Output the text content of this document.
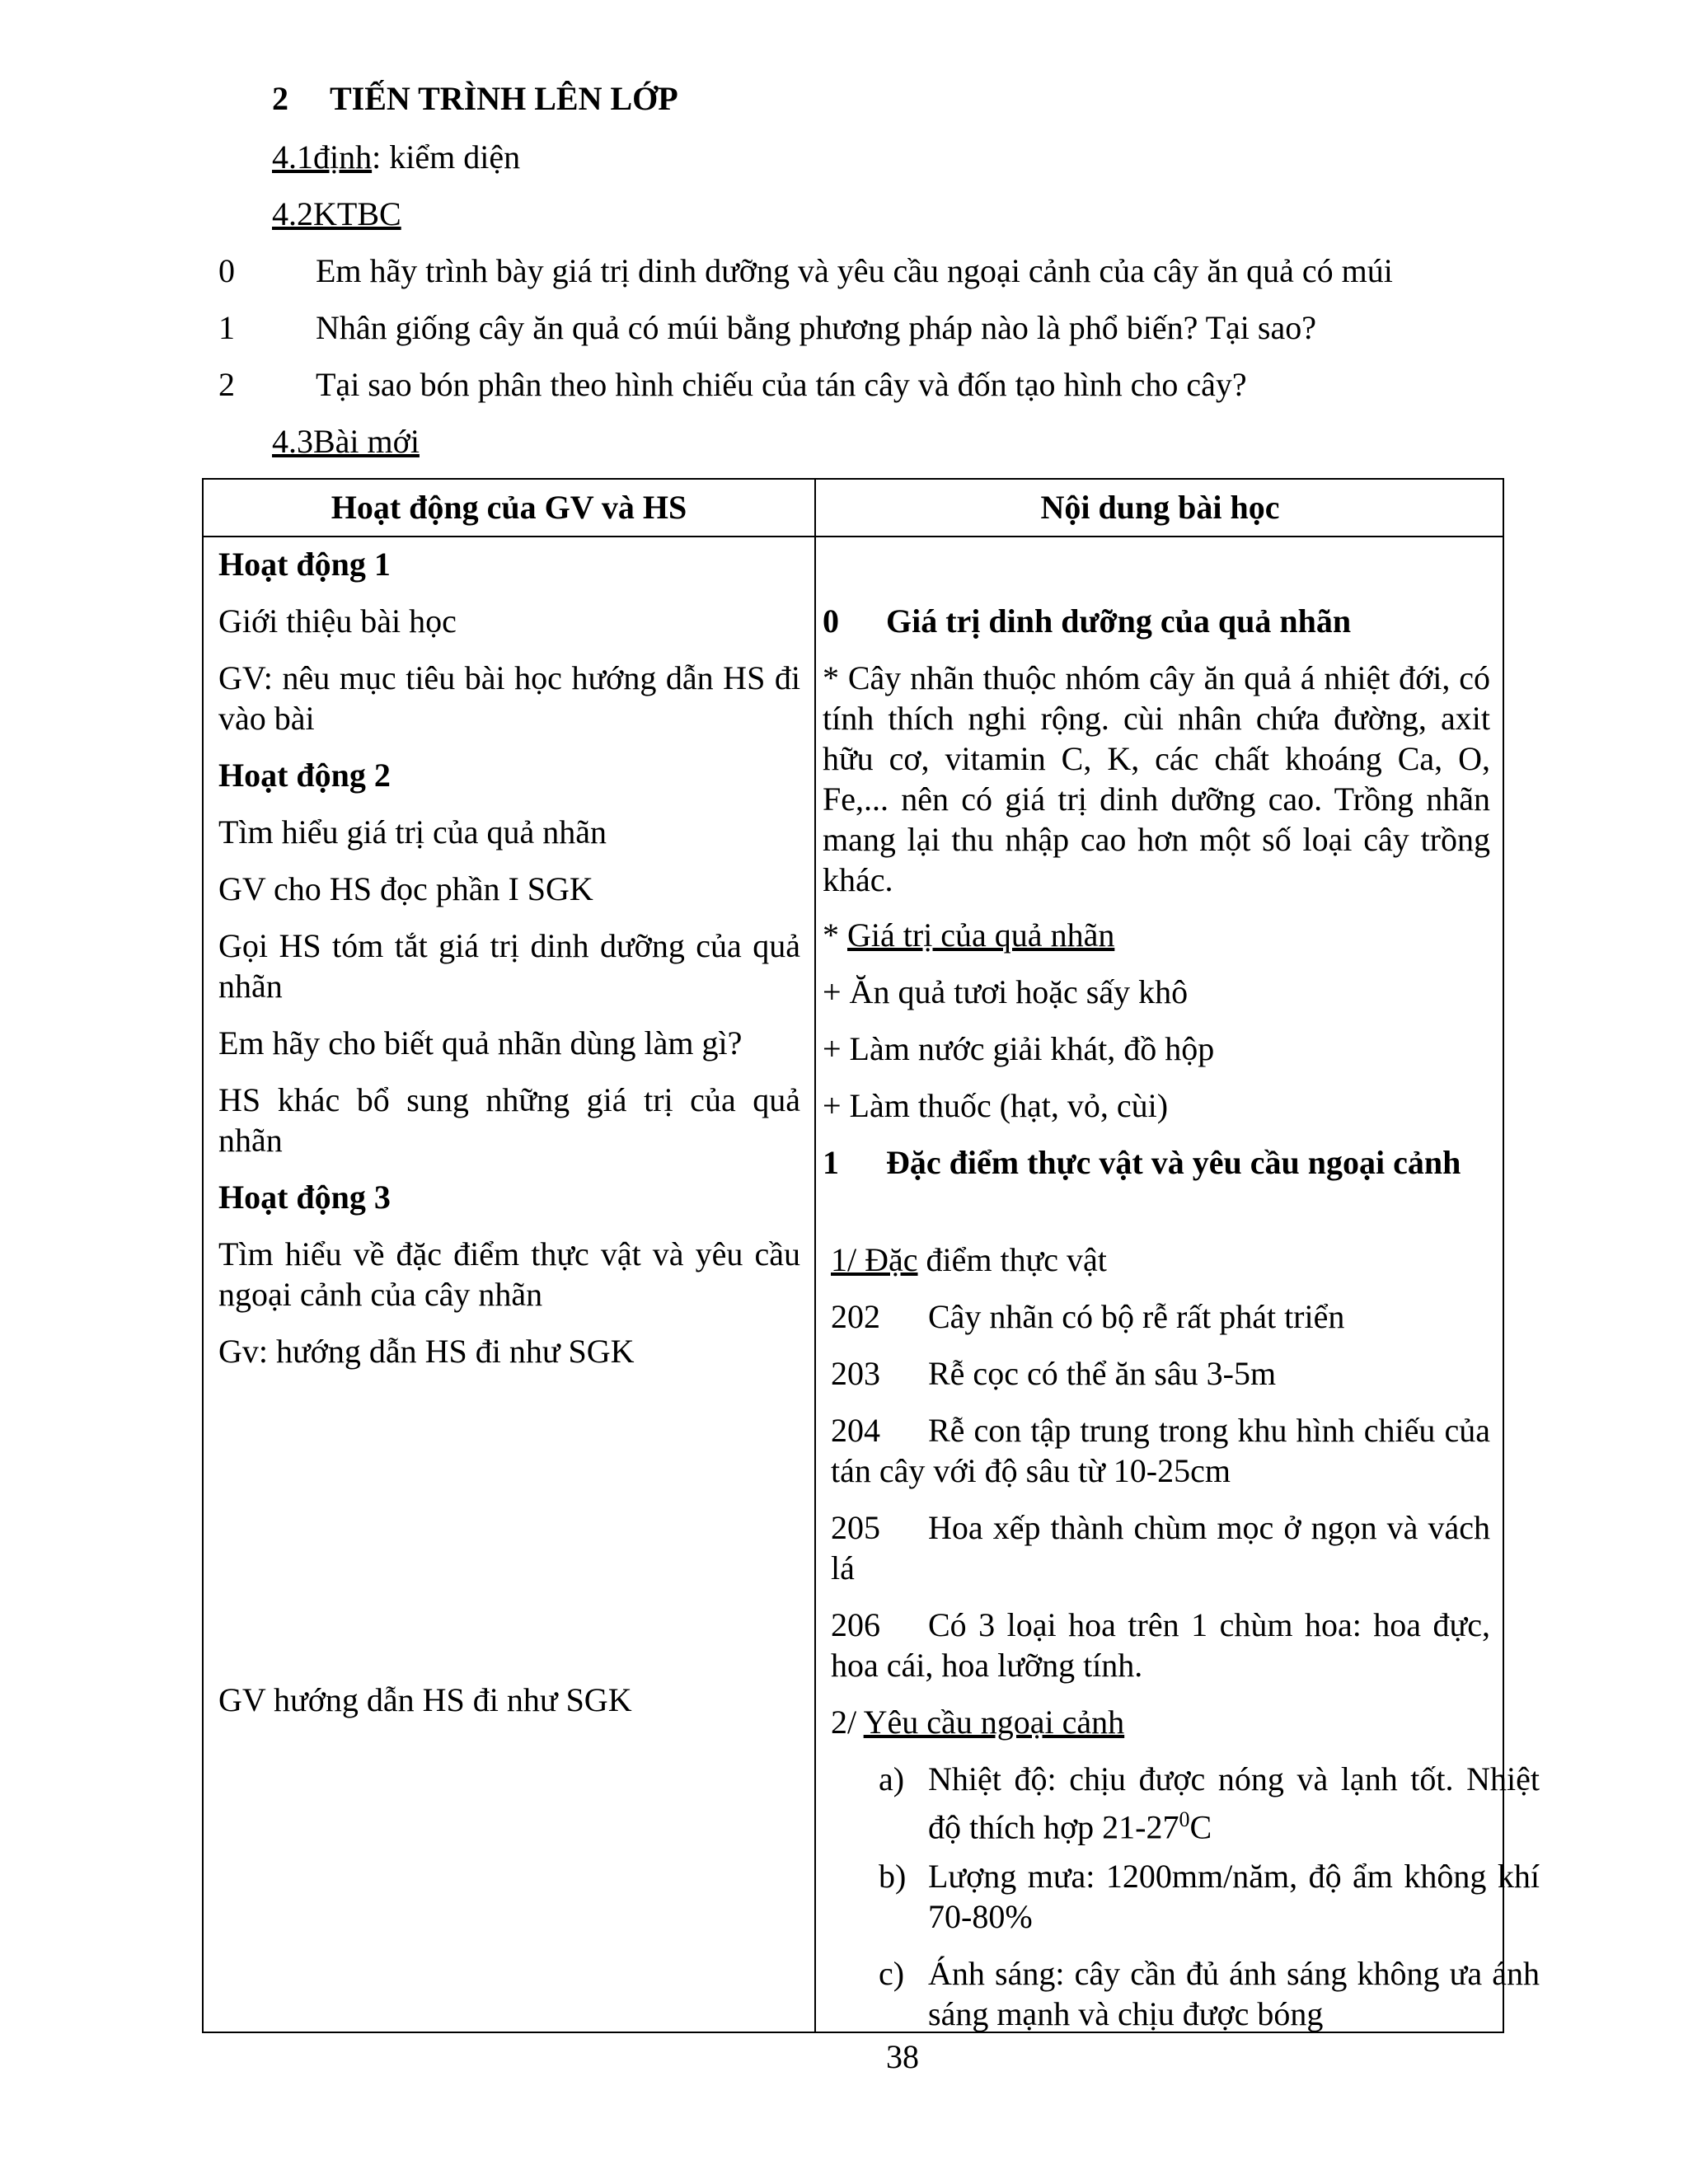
2 TIẾN TRÌNH LÊN LỚP
4.1định: kiểm diện
4.2KTBC
0 Em hãy trình bày giá trị dinh dưỡng và yêu cầu ngoại cảnh của cây ăn quả có múi
1 Nhân giống cây ăn quả có múi bằng phương pháp nào là phổ biến? Tại sao?
2 Tại sao bón phân theo hình chiếu của tán cây và đốn tạo hình cho cây?
4.3Bài mới
Hoạt động của GV và HS	Nội dung bài học
Hoạt động 1
Giới thiệu bài học
GV: nêu mục tiêu bài học hướng dẫn HS đi vào bài
Hoạt động 2
Tìm hiểu giá trị của quả nhãn
GV cho HS đọc phần I SGK
Gọi HS tóm tắt giá trị dinh dưỡng của quả nhãn
Em hãy cho biết quả nhãn dùng làm gì?
HS khác bổ sung những giá trị của quả nhãn
Hoạt động 3
Tìm hiểu về đặc điểm thực vật và yêu cầu ngoại cảnh của cây nhãn
Gv: hướng dẫn HS đi như SGK
GV hướng dẫn HS đi như SGK
0 Giá trị dinh dưỡng của quả nhãn
* Cây nhãn thuộc nhóm cây ăn quả á nhiệt đới, có tính thích nghi rộng. cùi nhân chứa đường, axit hữu cơ, vitamin C, K, các chất khoáng Ca, O, Fe,... nên có giá trị dinh dưỡng cao. Trồng nhãn mang lại thu nhập cao hơn một số loại cây trồng khác.
* Giá trị của quả nhãn
+ Ăn quả tươi hoặc sấy khô
+ Làm nước giải khát, đồ hộp
+ Làm thuốc (hạt, vỏ, cùi)
1 Đặc điểm thực vật và yêu cầu ngoại cảnh
1/ Đặc điểm thực vật
202 Cây nhãn có bộ rễ rất phát triển
203 Rễ cọc có thể ăn sâu 3-5m
204 Rễ con tập trung trong khu hình chiếu của tán cây với độ sâu từ 10-25cm
205 Hoa xếp thành chùm mọc ở ngọn và vách lá
206 Có 3 loại hoa trên 1 chùm hoa: hoa đực, hoa cái, hoa lưỡng tính.
2/ Yêu cầu ngoại cảnh
a) Nhiệt độ: chịu được nóng và lạnh tốt. Nhiệt độ thích hợp $21-27^0C$
b) Lượng mưa: 1200mm/năm, độ ẩm không khí 70-80%
c) Ánh sáng: cây cần đủ ánh sáng không ưa ánh sáng mạnh và chịu được bóng
38
